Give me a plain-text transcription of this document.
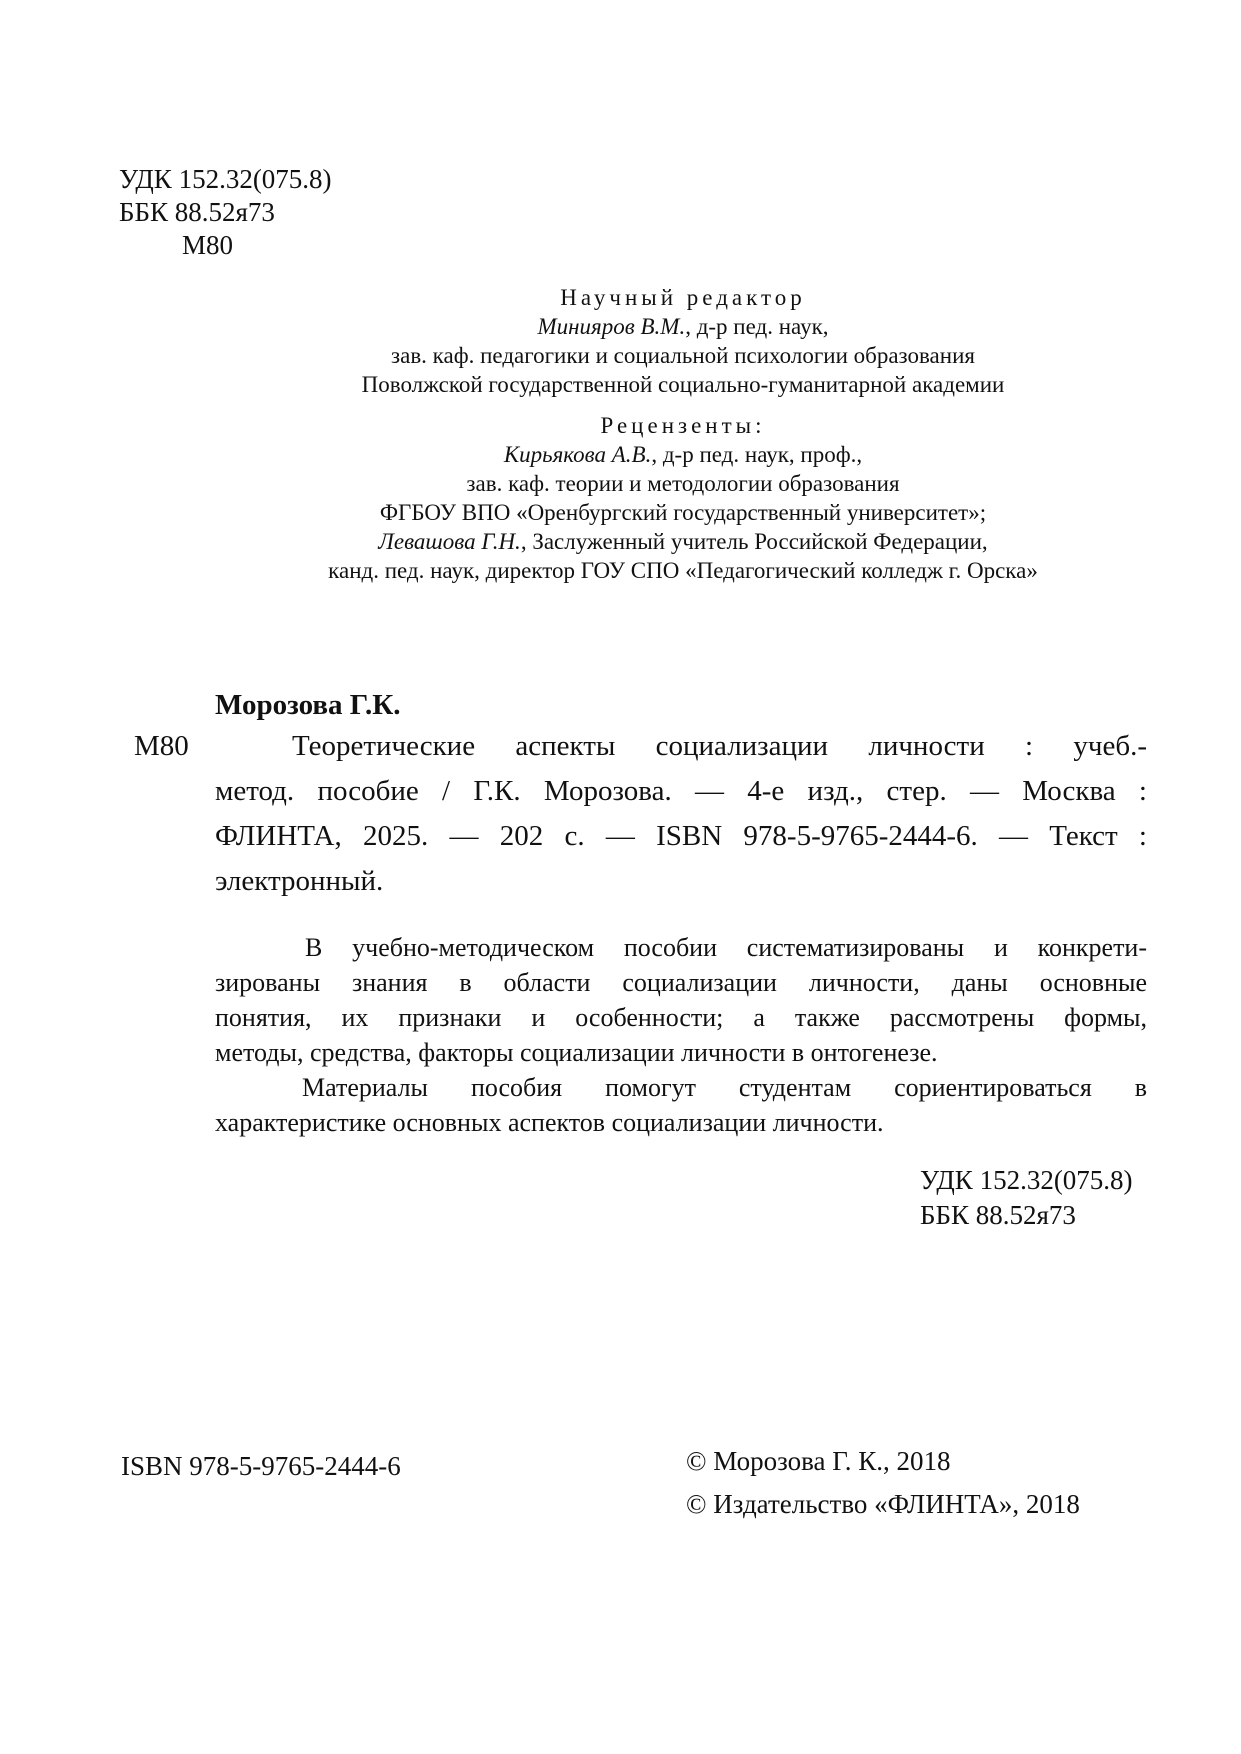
УДК 152.32(075.8)
ББК 88.52я73
М80
Научный редактор
Минияров В.М., д-р пед. наук,
зав. каф. педагогики и социальной психологии образования
Поволжской государственной социально-гуманитарной академии
Рецензенты:
Кирьякова А.В., д-р пед. наук, проф.,
зав. каф. теории и методологии образования
ФГБОУ ВПО «Оренбургский государственный университет»;
Левашова Г.Н., Заслуженный учитель Российской Федерации,
канд. пед. наук, директор ГОУ СПО «Педагогический колледж г. Орска»
Морозова Г.К.
М80	Теоретические аспекты социализации личности : учеб.-
метод. пособие / Г.К. Морозова. — 4-е изд., стер. — Москва :
ФЛИНТА, 2025. — 202 с. — ISBN 978-5-9765-2444-6. — Текст :
электронный.
В учебно-методическом пособии систематизированы и конкрети-
зированы знания в области социализации личности, даны основные
понятия, их признаки и особенности; а также рассмотрены формы,
методы, средства, факторы социализации личности в онтогенезе.
Материалы пособия помогут студентам сориентироваться в
характеристике основных аспектов социализации личности.
УДК 152.32(075.8)
ББК 88.52я73
ISBN 978-5-9765-2444-6	© Морозова Г. К., 2018
© Издательство «ФЛИНТА», 2018
